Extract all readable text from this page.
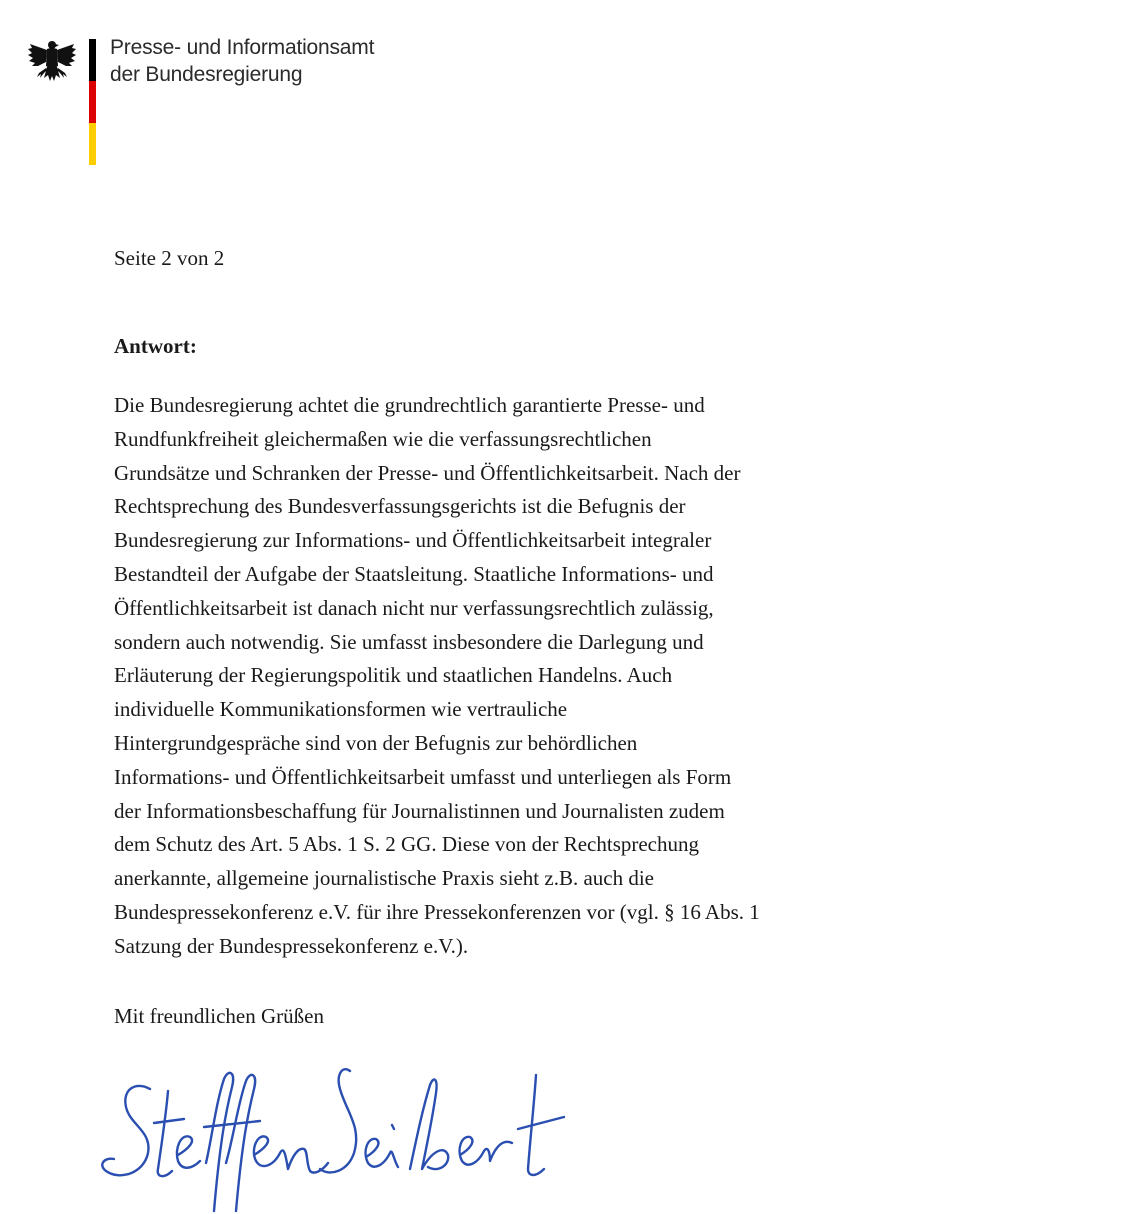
Presse- und Informationsamt
der Bundesregierung
Seite 2 von 2
Antwort:
Die Bundesregierung achtet die grundrechtlich garantierte Presse- und
Rundfunkfreiheit gleichermaßen wie die verfassungsrechtlichen
Grundsätze und Schranken der Presse- und Öffentlichkeitsarbeit. Nach der
Rechtsprechung des Bundesverfassungsgerichts ist die Befugnis der
Bundesregierung zur Informations- und Öffentlichkeitsarbeit integraler
Bestandteil der Aufgabe der Staatsleitung. Staatliche Informations- und
Öffentlichkeitsarbeit ist danach nicht nur verfassungsrechtlich zulässig,
sondern auch notwendig. Sie umfasst insbesondere die Darlegung und
Erläuterung der Regierungspolitik und staatlichen Handelns. Auch
individuelle Kommunikationsformen wie vertrauliche
Hintergrundgespräche sind von der Befugnis zur behördlichen
Informations- und Öffentlichkeitsarbeit umfasst und unterliegen als Form
der Informationsbeschaffung für Journalistinnen und Journalisten zudem
dem Schutz des Art. 5 Abs. 1 S. 2 GG. Diese von der Rechtsprechung
anerkannte, allgemeine journalistische Praxis sieht z.B. auch die
Bundespressekonferenz e.V. für ihre Pressekonferenzen vor (vgl. § 16 Abs. 1
Satzung der Bundespressekonferenz e.V.).
Mit freundlichen Grüßen
